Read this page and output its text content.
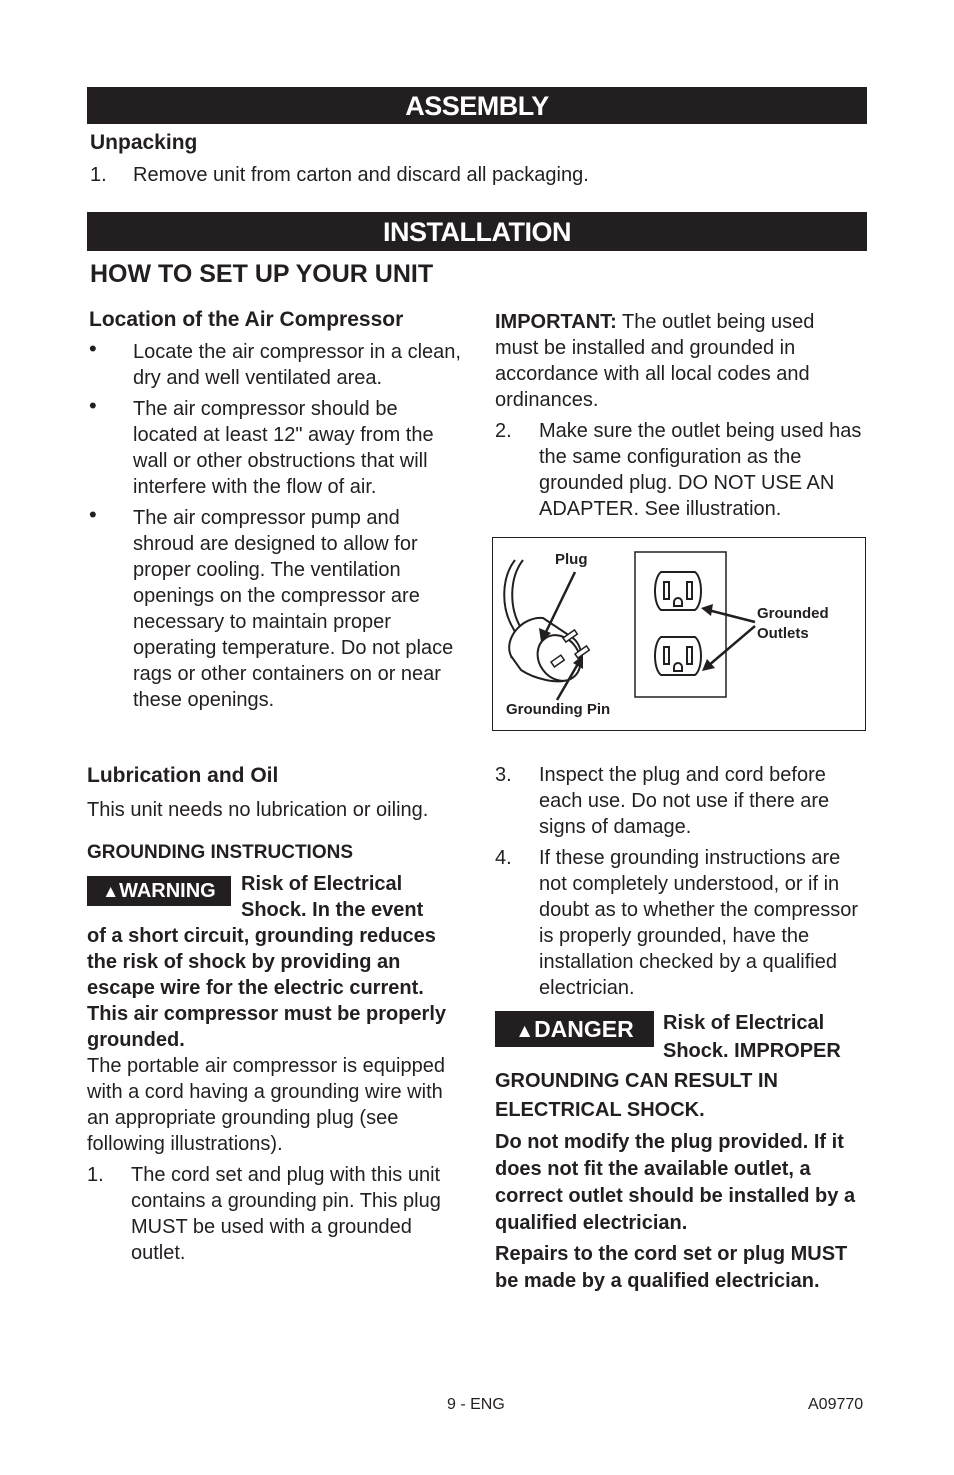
ASSEMBLY
Unpacking
1. Remove unit from carton and discard all packaging.
INSTALLATION
HOW TO SET UP YOUR UNIT
Location of the Air Compressor
• Locate the air compressor in a clean, dry and well ventilated area.
• The air compressor should be located at least 12" away from the wall or other obstructions that will interfere with the flow of air.
• The air compressor pump and shroud are designed to allow for proper cooling. The ventilation openings on the compressor are necessary to maintain proper operating temperature. Do not place rags or other containers on or near these openings.
Lubrication and Oil
This unit needs no lubrication or oiling.
GROUNDING INSTRUCTIONS
▲WARNING	Risk of Electrical Shock. In the event
of a short circuit, grounding reduces the risk of shock by providing an escape wire for the electric current. This air compressor must be properly grounded.
The portable air compressor is equipped with a cord having a grounding wire with an appropriate grounding plug (see following illustrations).
1. The cord set and plug with this unit contains a grounding pin. This plug MUST be used with a grounded outlet.
IMPORTANT: The outlet being used must be installed and grounded in accordance with all local codes and ordinances.
2. Make sure the outlet being used has the same configuration as the grounded plug. DO NOT USE AN ADAPTER. See illustration.
Plug
Grounded
Outlets
Grounding Pin
3. Inspect the plug and cord before each use. Do not use if there are signs of damage.
4. If these grounding instructions are not completely understood, or if in doubt as to whether the compressor is properly grounded, have the installation checked by a qualified electrician.
▲DANGER	Risk of Electrical Shock. IMPROPER
GROUNDING CAN RESULT IN ELECTRICAL SHOCK.
Do not modify the plug provided. If it does not fit the available outlet, a correct outlet should be installed by a qualified electrician.
Repairs to the cord set or plug MUST be made by a qualified electrician.
9 - ENG	A09770
